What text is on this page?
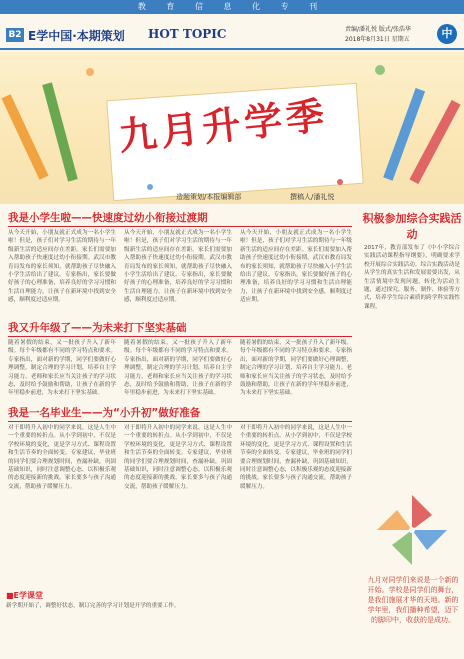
教 育 信 息 化 专 刊
B2 E学中国·本期策划 HOT TOPIC	责编/潘礼悦 版式/张浩华
2018年8月31日 星期五	中
九月升学季
造题策划/本报编辑部	撰稿人/潘礼悦
我是小学生啦——快速度过幼小衔接过渡期
从今天开始，小朋友就正式成为一名小学生啦！但是，孩子们对学习生活的期待与一年级新生活的适应间存在差距。家长们需要加入帮助孩子快速度过幼小衔接期。武汉市教育局发布的家长须知，就帮助孩子尽快融入小学生活给出了建议。专家指出，家长要做好孩子的心理准备，培养良好的学习习惯和生活自理能力，让孩子在新环境中找到安全感，顺利度过适应期。
从今天开始，小朋友就正式成为一名小学生啦！但是，孩子们对学习生活的期待与一年级新生活的适应间存在差距。家长们需要加入帮助孩子快速度过幼小衔接期。武汉市教育局发布的家长须知，就帮助孩子尽快融入小学生活给出了建议。专家指出，家长要做好孩子的心理准备，培养良好的学习习惯和生活自理能力，让孩子在新环境中找到安全感，顺利度过适应期。
从今天开始，小朋友就正式成为一名小学生啦！但是，孩子们对学习生活的期待与一年级新生活的适应间存在差距。家长们需要加入帮助孩子快速度过幼小衔接期。武汉市教育局发布的家长须知，就帮助孩子尽快融入小学生活给出了建议。专家指出，家长要做好孩子的心理准备，培养良好的学习习惯和生活自理能力，让孩子在新环境中找到安全感，顺利度过适应期。
我又升年级了——为未来打下坚实基础
随着暑假的结束，又一批孩子升入了新年级。每个年级都有不同的学习特点和要求。专家指出，面对新的学期，同学们要做好心理调整，制定合理的学习计划，培养自主学习能力。老师和家长应当关注孩子的学习状态，及时给予鼓励和帮助，让孩子在新的学年里稳步前进，为未来打下坚实基础。
随着暑假的结束，又一批孩子升入了新年级。每个年级都有不同的学习特点和要求。专家指出，面对新的学期，同学们要做好心理调整，制定合理的学习计划，培养自主学习能力。老师和家长应当关注孩子的学习状态，及时给予鼓励和帮助，让孩子在新的学年里稳步前进，为未来打下坚实基础。
随着暑假的结束，又一批孩子升入了新年级。每个年级都有不同的学习特点和要求。专家指出，面对新的学期，同学们要做好心理调整，制定合理的学习计划，培养自主学习能力。老师和家长应当关注孩子的学习状态，及时给予鼓励和帮助，让孩子在新的学年里稳步前进，为未来打下坚实基础。
我是一名毕业生——为“小升初”做好准备
对于即将升入初中的同学来说，这是人生中一个重要的转折点。从小学到初中，不仅是学校环境的变化，更是学习方式、课程设置和生活节奏的全面转变。专家建议，毕业班的同学们要合理规划时间，查漏补缺，巩固基础知识，同时注意调整心态，以积极乐观的态度迎接新的挑战。家长要多与孩子沟通交流，帮助孩子缓解压力。
对于即将升入初中的同学来说，这是人生中一个重要的转折点。从小学到初中，不仅是学校环境的变化，更是学习方式、课程设置和生活节奏的全面转变。专家建议，毕业班的同学们要合理规划时间，查漏补缺，巩固基础知识，同时注意调整心态，以积极乐观的态度迎接新的挑战。家长要多与孩子沟通交流，帮助孩子缓解压力。
对于即将升入初中的同学来说，这是人生中一个重要的转折点。从小学到初中，不仅是学校环境的变化，更是学习方式、课程设置和生活节奏的全面转变。专家建议，毕业班的同学们要合理规划时间，查漏补缺，巩固基础知识，同时注意调整心态，以积极乐观的态度迎接新的挑战。家长要多与孩子沟通交流，帮助孩子缓解压力。
■E学课堂
新学期开始了，调整好状态，制订完善的学习计划是开学的重要工作。
积极参加综合实践活动
2017年，教育部发布了《中小学综合实践活动课程指导纲要》，明确要求学校开展综合实践活动。综合实践活动是从学生的真实生活和发展需要出发，从生活情境中发现问题，转化为活动主题，通过探究、服务、制作、体验等方式，培养学生综合素质的跨学科实践性课程。
九月对同学们来说是一个新的开始。学校是同学们的舞台，是我们施展才华的天地。新的学年里，我们播种希望，迈下的脚印中，收获的是成功。
